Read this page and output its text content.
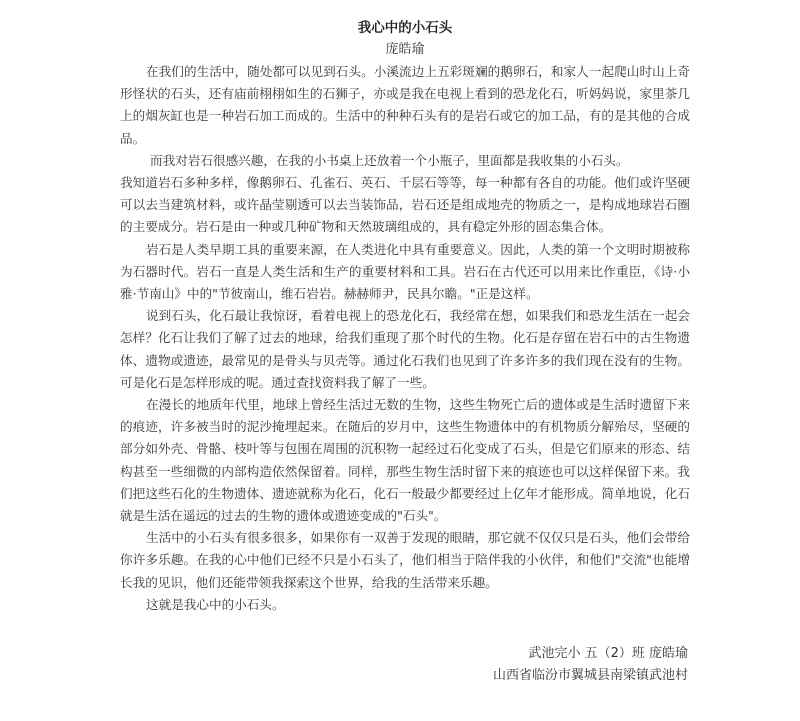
我心中的小石头
庞皓瑜

在我们的生活中，随处都可以见到石头。小溪流边上五彩斑斓的鹅卵石，和家人一起爬山时山上奇形怪状的石头，还有庙前栩栩如生的石狮子，亦或是我在电视上看到的恐龙化石，听妈妈说，家里茶几上的烟灰缸也是一种岩石加工而成的。生活中的种种石头有的是岩石或它的加工品，有的是其他的合成品。

而我对岩石很感兴趣，在我的小书桌上还放着一个小瓶子，里面都是我收集的小石头。

我知道岩石多种多样，像鹅卵石、孔雀石、英石、千层石等等，每一种都有各自的功能。他们或许坚硬可以去当建筑材料，或许晶莹剔透可以去当装饰品，岩石还是组成地壳的物质之一，是构成地球岩石圈的主要成分。岩石是由一种或几种矿物和天然玻璃组成的，具有稳定外形的固态集合体。

岩石是人类早期工具的重要来源，在人类进化中具有重要意义。因此，人类的第一个文明时期被称为石器时代。岩石一直是人类生活和生产的重要材料和工具。岩石在古代还可以用来比作重臣，《诗·小雅·节南山》中的"节彼南山，维石岩岩。赫赫师尹，民具尔瞻。"正是这样。

说到石头，化石最让我惊讶，看着电视上的恐龙化石，我经常在想，如果我们和恐龙生活在一起会怎样？化石让我们了解了过去的地球，给我们重现了那个时代的生物。化石是存留在岩石中的古生物遗体、遗物或遗迹，最常见的是骨头与贝壳等。通过化石我们也见到了许多许多的我们现在没有的生物。可是化石是怎样形成的呢。通过查找资料我了解了一些。

在漫长的地质年代里，地球上曾经生活过无数的生物，这些生物死亡后的遗体或是生活时遗留下来的痕迹，许多被当时的泥沙掩埋起来。在随后的岁月中，这些生物遗体中的有机物质分解殆尽，坚硬的部分如外壳、骨骼、枝叶等与包围在周围的沉积物一起经过石化变成了石头，但是它们原来的形态、结构甚至一些细微的内部构造依然保留着。同样，那些生物生活时留下来的痕迹也可以这样保留下来。我们把这些石化的生物遗体、遗迹就称为化石，化石一般最少都要经过上亿年才能形成。简单地说，化石就是生活在遥远的过去的生物的遗体或遗迹变成的"石头"。

生活中的小石头有很多很多，如果你有一双善于发现的眼睛，那它就不仅仅只是石头，他们会带给你许多乐趣。在我的心中他们已经不只是小石头了，他们相当于陪伴我的小伙伴，和他们"交流"也能增长我的见识，他们还能带领我探索这个世界，给我的生活带来乐趣。

这就是我心中的小石头。

武池完小 五（2）班 庞皓瑜
山西省临汾市翼城县南梁镇武池村
